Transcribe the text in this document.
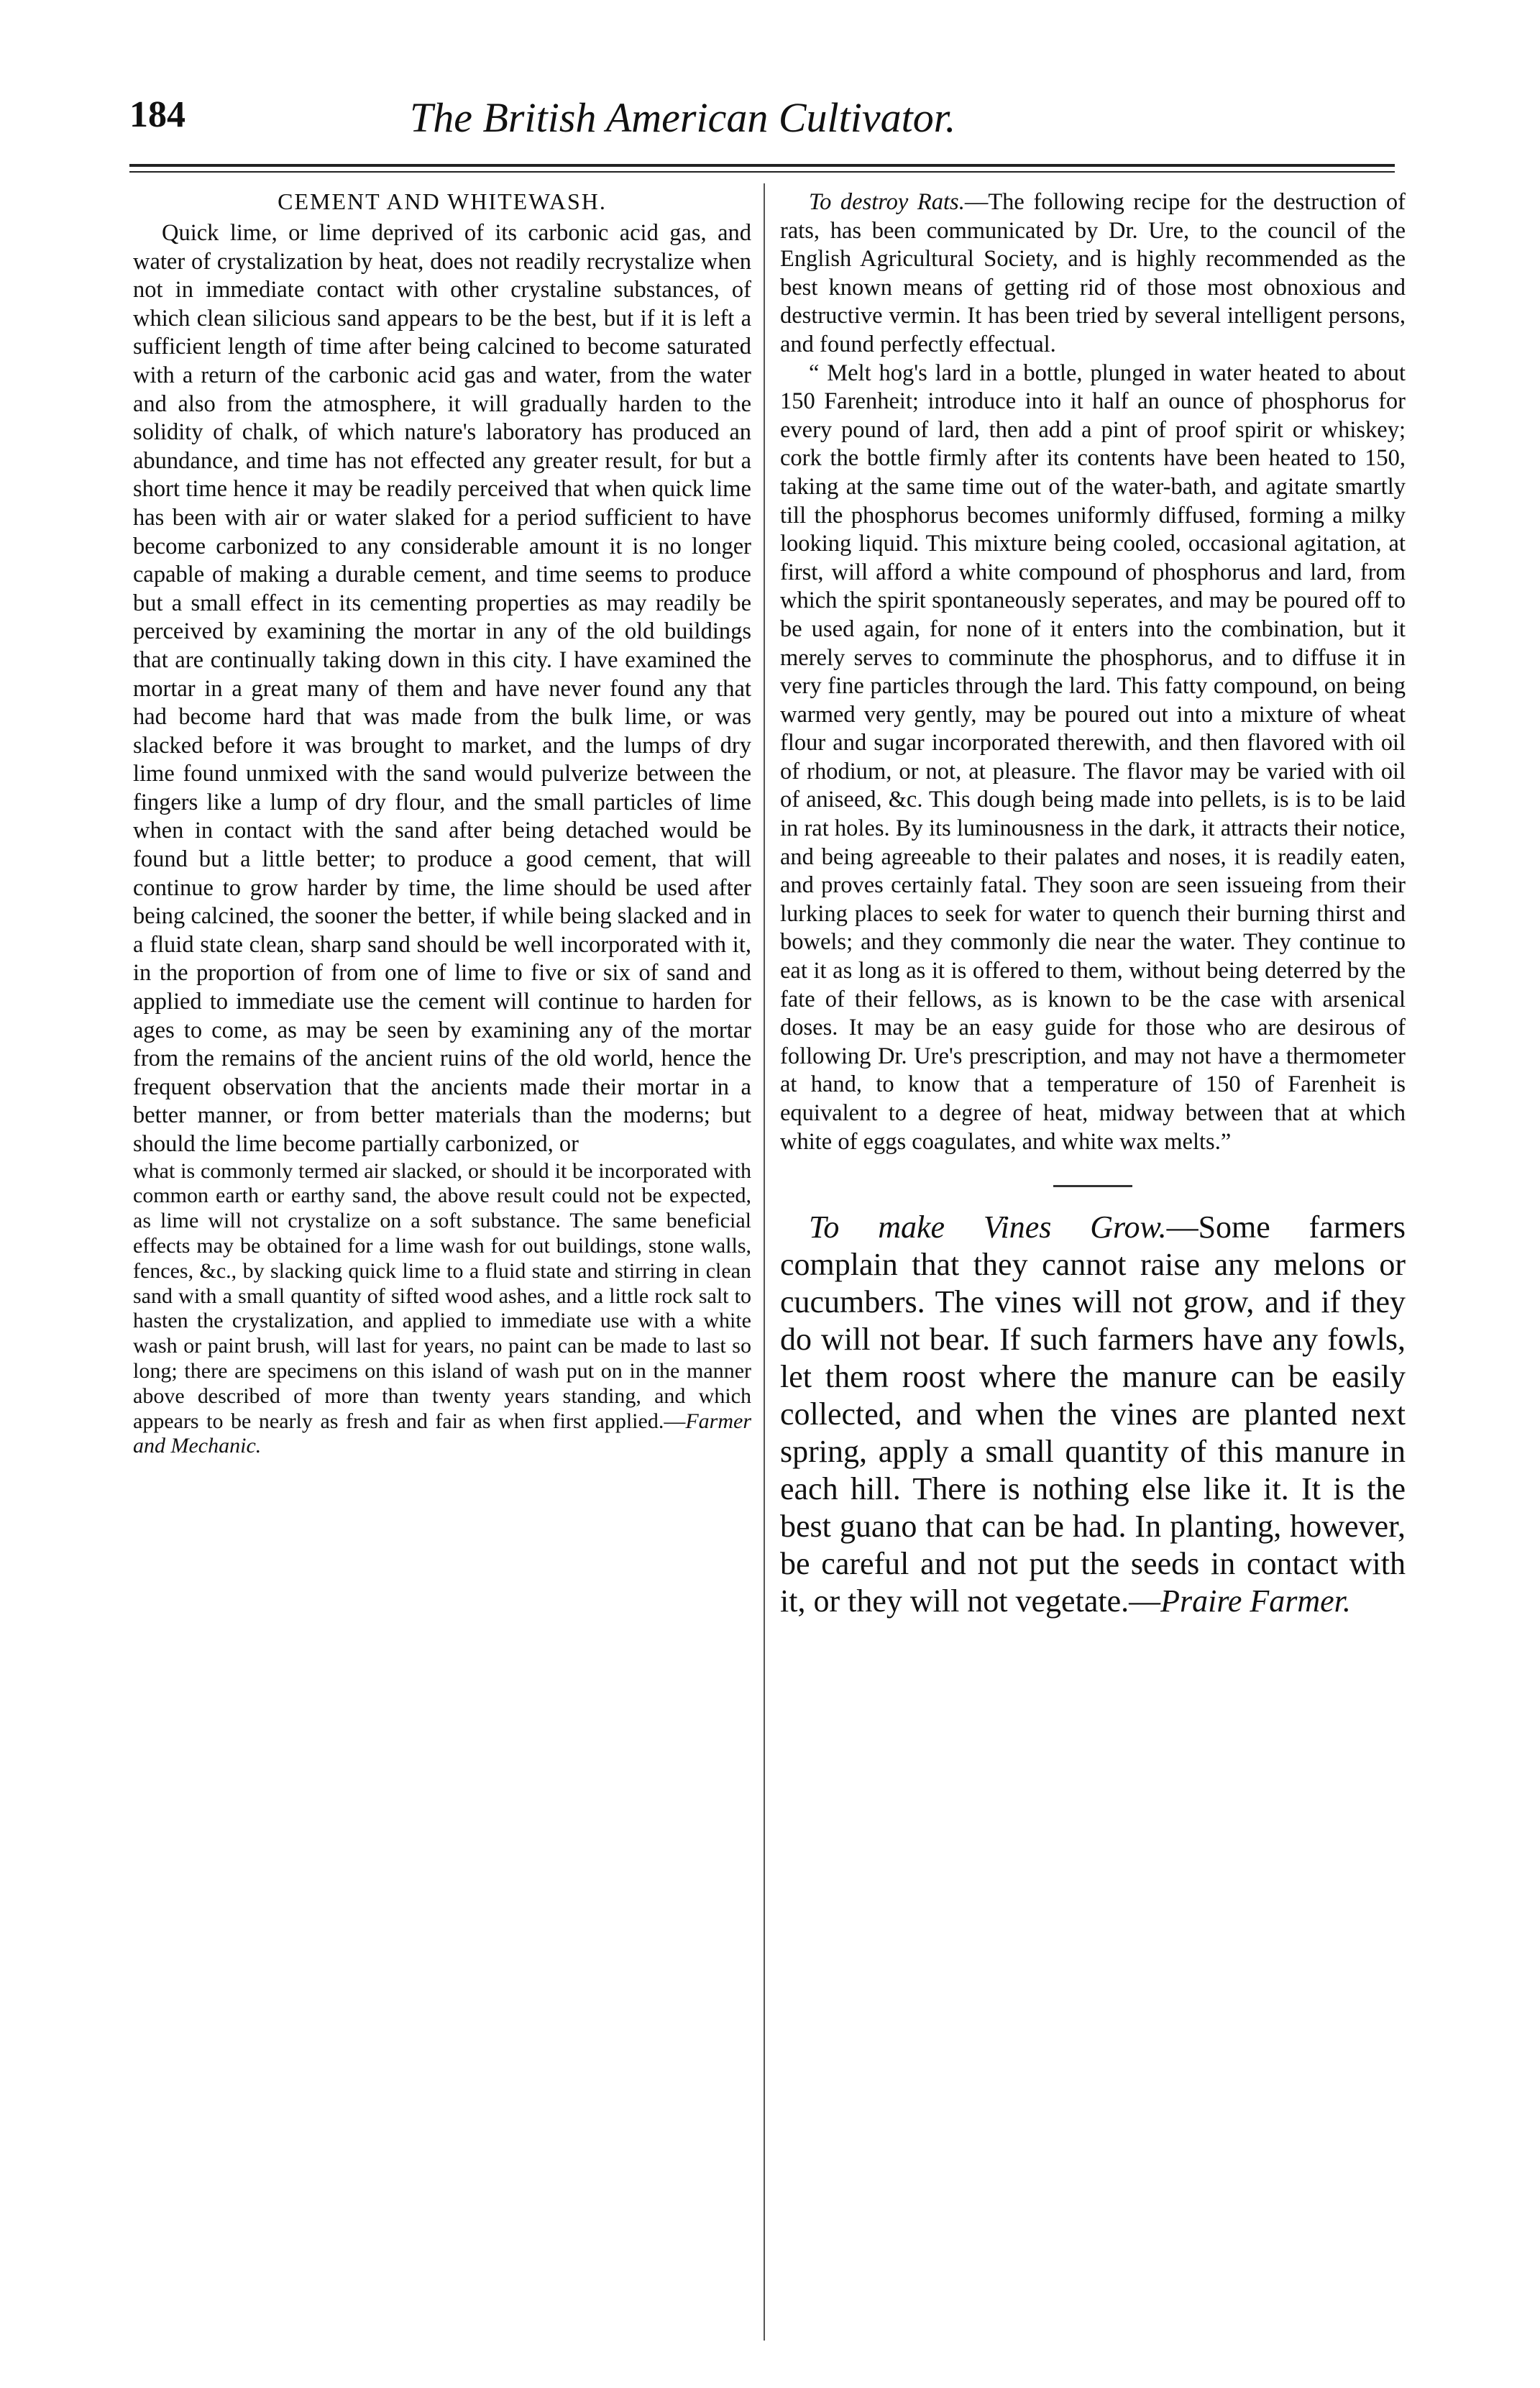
184	The British American Cultivator.
CEMENT AND WHITEWASH.

Quick lime, or lime deprived of its carbonic acid gas, and water of crystalization by heat, does not readily recrystalize when not in immediate contact with other crystaline substances, of which clean silicious sand appears to be the best, but if it is left a sufficient length of time after being calcined to become saturated with a return of the carbonic acid gas and water, from the water and also from the atmosphere, it will gradually harden to the solidity of chalk, of which nature's laboratory has produced an abundance, and time has not effected any greater result, for but a short time hence it may be readily perceived that when quick lime has been with air or water slaked for a period sufficient to have become carbonized to any considerable amount it is no longer capable of making a durable cement, and time seems to produce but a small effect in its cementing properties as may readily be perceived by examining the mortar in any of the old buildings that are continually taking down in this city. I have examined the mortar in a great many of them and have never found any that had become hard that was made from the bulk lime, or was slacked before it was brought to market, and the lumps of dry lime found unmixed with the sand would pulverize between the fingers like a lump of dry flour, and the small particles of lime when in contact with the sand after being detached would be found but a little better; to produce a good cement, that will continue to grow harder by time, the lime should be used after being calcined, the sooner the better, if while being slacked and in a fluid state clean, sharp sand should be well incorporated with it, in the proportion of from one of lime to five or six of sand and applied to immediate use the cement will continue to harden for ages to come, as may be seen by examining any of the mortar from the remains of the ancient ruins of the old world, hence the frequent observation that the ancients made their mortar in a better manner, or from better materials than the moderns; but should the lime become partially carbonized, or

what is commonly termed air slacked, or should it be incorporated with common earth or earthy sand, the above result could not be expected, as lime will not crystalize on a soft substance. The same beneficial effects may be obtained for a lime wash for out buildings, stone walls, fences, &c., by slacking quick lime to a fluid state and stirring in clean sand with a small quantity of sifted wood ashes, and a little rock salt to hasten the crystalization, and applied to immediate use with a white wash or paint brush, will last for years, no paint can be made to last so long; there are specimens on this island of wash put on in the manner above described of more than twenty years standing, and which appears to be nearly as fresh and fair as when first applied.—Farmer and Mechanic.

To destroy Rats.—The following recipe for the destruction of rats, has been communicated by Dr. Ure, to the council of the English Agricultural Society, and is highly recommended as the best known means of getting rid of those most obnoxious and destructive vermin. It has been tried by several intelligent persons, and found perfectly effectual.

“ Melt hog's lard in a bottle, plunged in water heated to about 150 Farenheit; introduce into it half an ounce of phosphorus for every pound of lard, then add a pint of proof spirit or whiskey; cork the bottle firmly after its contents have been heated to 150, taking at the same time out of the water-bath, and agitate smartly till the phosphorus becomes uniformly diffused, forming a milky looking liquid. This mixture being cooled, occasional agitation, at first, will afford a white compound of phosphorus and lard, from which the spirit spontaneously seperates, and may be poured off to be used again, for none of it enters into the combination, but it merely serves to comminute the phosphorus, and to diffuse it in very fine particles through the lard. This fatty compound, on being warmed very gently, may be poured out into a mixture of wheat flour and sugar incorporated therewith, and then flavored with oil of rhodium, or not, at pleasure. The flavor may be varied with oil of aniseed, &c. This dough being made into pellets, is is to be laid in rat holes. By its luminousness in the dark, it attracts their notice, and being agreeable to their palates and noses, it is readily eaten, and proves certainly fatal. They soon are seen issueing from their lurking places to seek for water to quench their burning thirst and bowels; and they commonly die near the water. They continue to eat it as long as it is offered to them, without being deterred by the fate of their fellows, as is known to be the case with arsenical doses. It may be an easy guide for those who are desirous of following Dr. Ure's prescription, and may not have a thermometer at hand, to know that a temperature of 150 of Farenheit is equivalent to a degree of heat, midway between that at which white of eggs coagulates, and white wax melts.”

To make Vines Grow.—Some farmers complain that they cannot raise any melons or cucumbers. The vines will not grow, and if they do will not bear. If such farmers have any fowls, let them roost where the manure can be easily collected, and when the vines are planted next spring, apply a small quantity of this manure in each hill. There is nothing else like it. It is the best guano that can be had. In planting, however, be careful and not put the seeds in contact with it, or they will not vegetate.—Praire Farmer.
